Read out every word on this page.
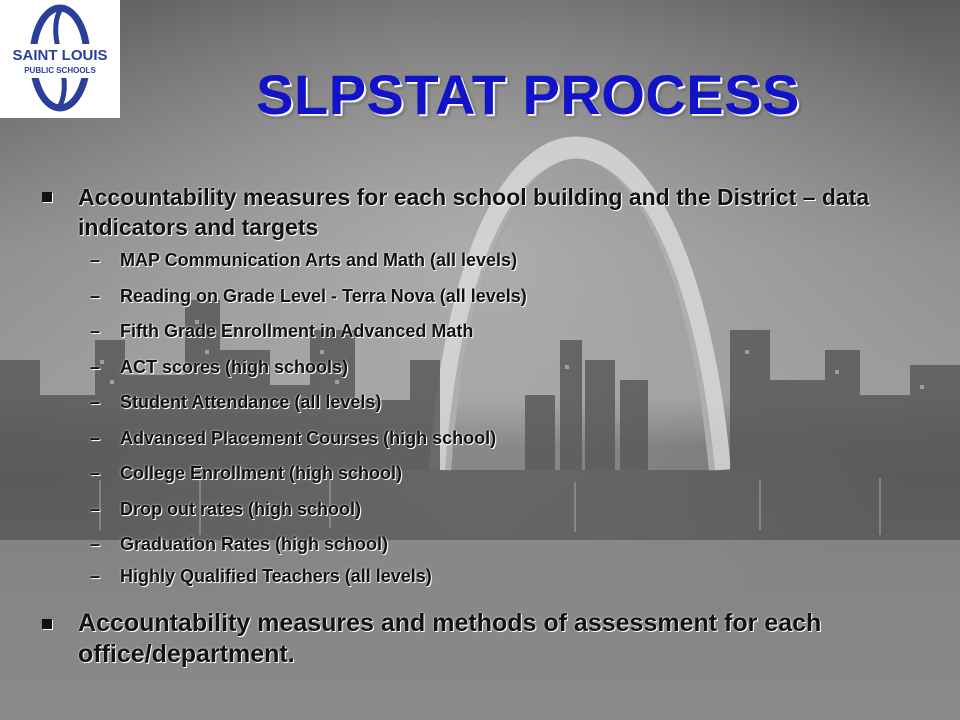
SAINT LOUIS
PUBLIC SCHOOLS	SLPSTAT PROCESS
Accountability measures for each school building and the District – data indicators and targets
– MAP Communication Arts and Math (all levels)
– Reading on Grade Level - Terra Nova (all levels)
– Fifth Grade Enrollment in Advanced Math
– ACT scores (high schools)
– Student Attendance (all levels)
– Advanced Placement Courses (high school)
– College Enrollment (high school)
– Drop out rates (high school)
– Graduation Rates (high school)
– Highly Qualified Teachers (all levels)
Accountability measures and methods of assessment for each office/department.
